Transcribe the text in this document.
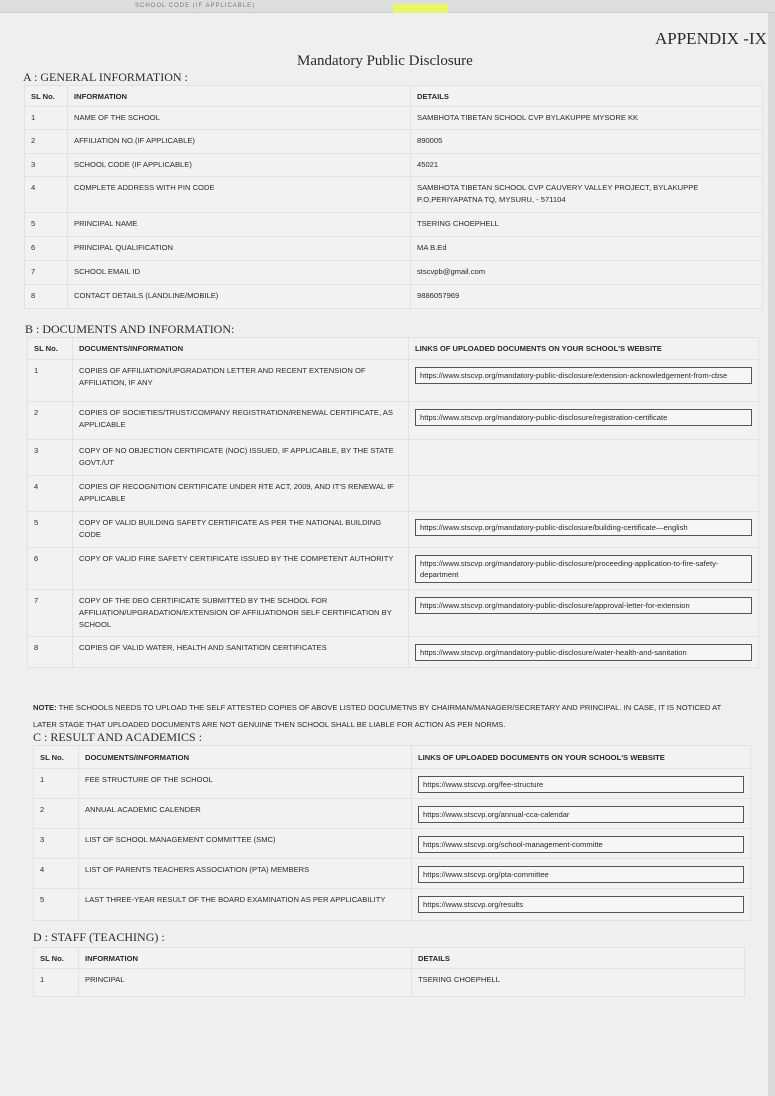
SCHOOL CODE (IF APPLICABLE)
APPENDIX -IX
Mandatory Public Disclosure
A : GENERAL INFORMATION :
SL No.	INFORMATION	DETAILS
1	NAME OF THE SCHOOL	SAMBHOTA TIBETAN SCHOOL CVP BYLAKUPPE MYSORE KK
2	AFFILIATION NO.(IF APPLICABLE)	890005
3	SCHOOL CODE (IF APPLICABLE)	45021
4	COMPLETE ADDRESS WITH PIN CODE	SAMBHOTA TIBETAN SCHOOL CVP CAUVERY VALLEY PROJECT, BYLAKUPPE P.O,PERIYAPATNA TQ, MYSURU, - 571104
5	PRINCIPAL NAME	TSERING CHOEPHELL
6	PRINCIPAL QUALIFICATION	MA B.Ed
7	SCHOOL EMAIL ID	stscvpb@gmail.com
8	CONTACT DETAILS (LANDLINE/MOBILE)	9886057969
B : DOCUMENTS AND INFORMATION:
SL No.	DOCUMENTS/INFORMATION	LINKS OF UPLOADED DOCUMENTS ON YOUR SCHOOL'S WEBSITE
1	COPIES OF AFFILIATION/UPGRADATION LETTER AND RECENT EXTENSION OF AFFILIATION, IF ANY	https://www.stscvp.org/mandatory-public-disclosure/extension-acknowledgement-from-cbse

2	COPIES OF SOCIETIES/TRUST/COMPANY REGISTRATION/RENEWAL CERTIFICATE, AS APPLICABLE	https://www.stscvp.org/mandatory-public-disclosure/registration-certificate

3	COPY OF NO OBJECTION CERTIFICATE (NOC) ISSUED, IF APPLICABLE, BY THE STATE GOVT./UT	
4	COPIES OF RECOGNITION CERTIFICATE UNDER RTE ACT, 2009, AND IT'S RENEWAL IF APPLICABLE	
5	COPY OF VALID BUILDING SAFETY CERTIFICATE AS PER THE NATIONAL BUILDING CODE	https://www.stscvp.org/mandatory-public-disclosure/building-certificate—english

6	COPY OF VALID FIRE SAFETY CERTIFICATE ISSUED BY THE COMPETENT AUTHORITY	https://www.stscvp.org/mandatory-public-disclosure/proceeding-application-to-fire-safety-department

7	COPY OF THE DEO CERTIFICATE SUBMITTED BY THE SCHOOL FOR AFFILIATION/UPGRADATION/EXTENSION OF AFFILIATIONOR SELF CERTIFICATION BY SCHOOL	https://www.stscvp.org/mandatory-public-disclosure/approval-letter-for-extension

8	COPIES OF VALID WATER, HEALTH AND SANITATION CERTIFICATES	https://www.stscvp.org/mandatory-public-disclosure/water-health-and-sanitation
NOTE: THE SCHOOLS NEEDS TO UPLOAD THE SELF ATTESTED COPIES OF ABOVE LISTED DOCUMETNS BY CHAIRMAN/MANAGER/SECRETARY AND PRINCIPAL. IN CASE, IT IS NOTICED AT LATER STAGE THAT UPLOADED DOCUMENTS ARE NOT GENUINE THEN SCHOOL SHALL BE LIABLE FOR ACTION AS PER NORMS.
C : RESULT AND ACADEMICS :
SL No.	DOCUMENTS/INFORMATION	LINKS OF UPLOADED DOCUMENTS ON YOUR SCHOOL'S WEBSITE
1	FEE STRUCTURE OF THE SCHOOL	https://www.stscvp.org/fee-structure

2	ANNUAL ACADEMIC CALENDER	https://www.stscvp.org/annual-cca-calendar

3	LIST OF SCHOOL MANAGEMENT COMMITTEE (SMC)	https://www.stscvp.org/school-management-committe

4	LIST OF PARENTS TEACHERS ASSOCIATION (PTA) MEMBERS	https://www.stscvp.org/pta-committee

5	LAST THREE-YEAR RESULT OF THE BOARD EXAMINATION AS PER APPLICABILITY	https://www.stscvp.org/results
D : STAFF (TEACHING) :
SL No.	INFORMATION	DETAILS
1	PRINCIPAL	TSERING CHOEPHELL
